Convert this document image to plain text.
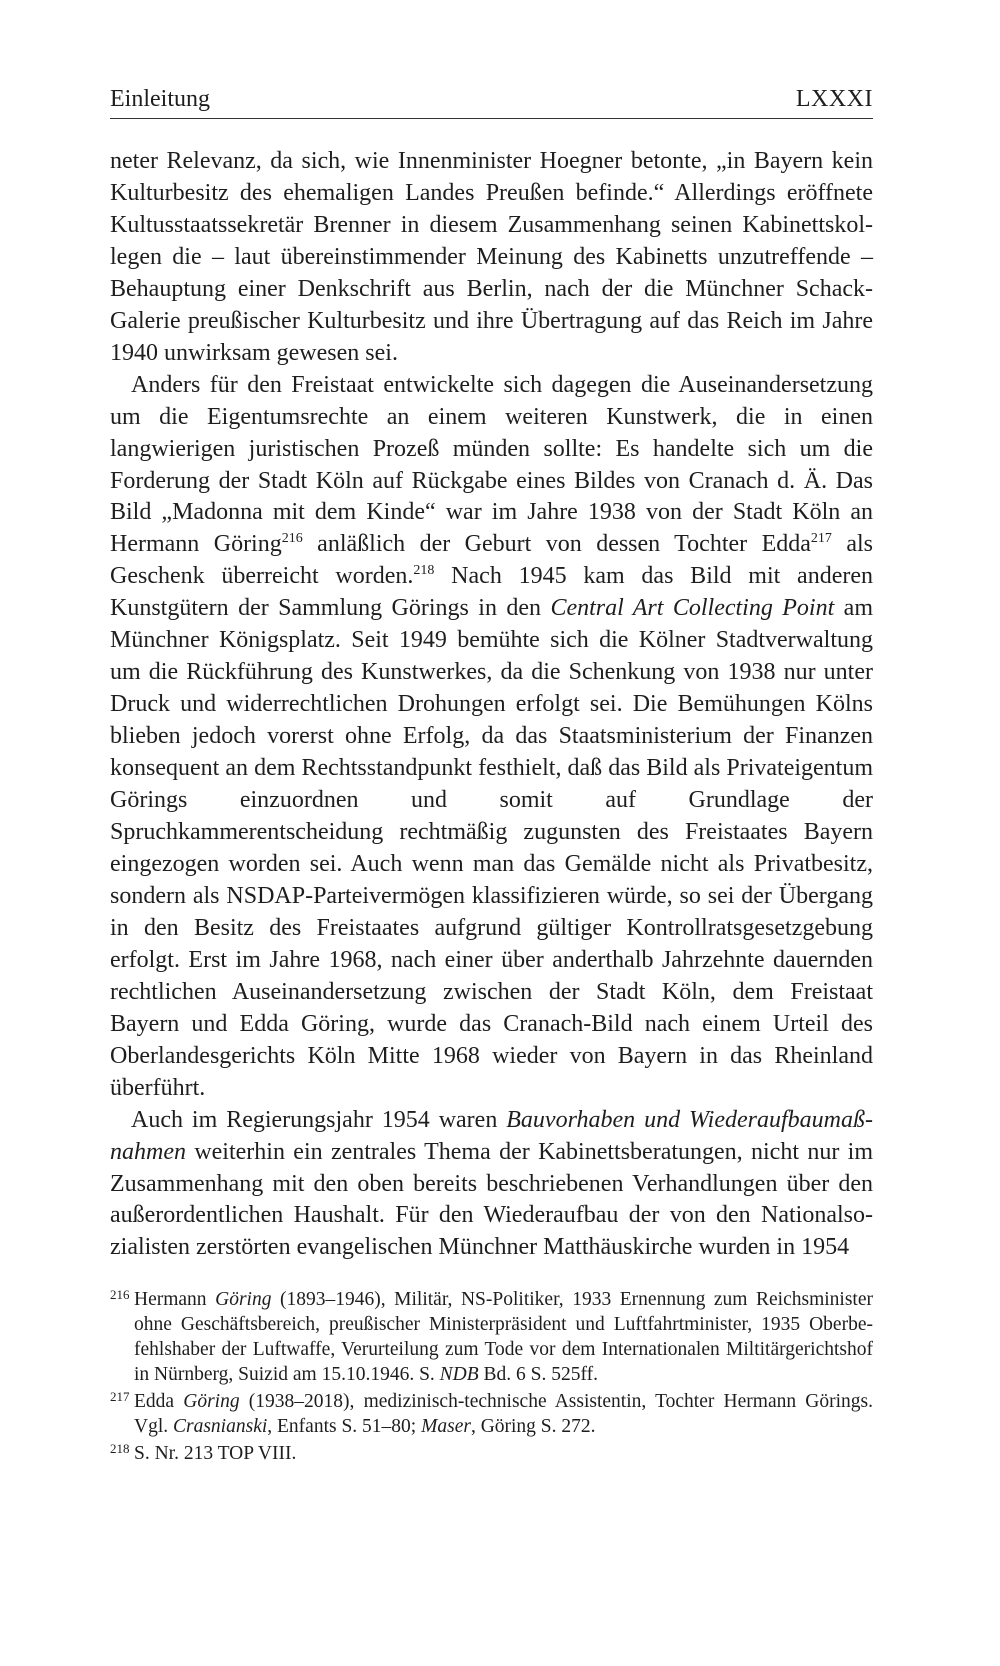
Einleitung	LXXXI

neter Relevanz, da sich, wie Innenminister Hoegner betonte, „in Bayern kein Kulturbesitz des ehemaligen Landes Preußen befinde.“ Allerdings eröffnete Kultusstaatssekretär Brenner in diesem Zusammenhang seinen Kabinettskollegen die – laut übereinstimmender Meinung des Kabinetts unzutreffende – Behauptung einer Denkschrift aus Berlin, nach der die Münchner Schack-Galerie preußischer Kulturbesitz und ihre Übertragung auf das Reich im Jahre 1940 unwirksam gewesen sei.

Anders für den Freistaat entwickelte sich dagegen die Auseinandersetzung um die Eigentumsrechte an einem weiteren Kunstwerk, die in einen langwierigen juristischen Prozeß münden sollte: Es handelte sich um die Forderung der Stadt Köln auf Rückgabe eines Bildes von Cranach d. Ä. Das Bild „Madonna mit dem Kinde“ war im Jahre 1938 von der Stadt Köln an Hermann Göring$^{216}$ anläßlich der Geburt von dessen Tochter Edda$^{217}$ als Geschenk überreicht worden.$^{218}$ Nach 1945 kam das Bild mit anderen Kunstgütern der Sammlung Görings in den Central Art Collecting Point am Münchner Königsplatz. Seit 1949 bemühte sich die Kölner Stadtverwaltung um die Rückführung des Kunstwerkes, da die Schenkung von 1938 nur unter Druck und widerrechtlichen Drohungen erfolgt sei. Die Bemühungen Kölns blieben jedoch vorerst ohne Erfolg, da das Staatsministerium der Finanzen konsequent an dem Rechtsstandpunkt festhielt, daß das Bild als Privateigentum Görings einzuordnen und somit auf Grundlage der Spruchkammerentscheidung rechtmäßig zugunsten des Freistaates Bayern eingezogen worden sei. Auch wenn man das Gemälde nicht als Privatbesitz, sondern als NSDAP-Parteivermögen klassifizieren würde, so sei der Übergang in den Besitz des Freistaates aufgrund gültiger Kontrollratsgesetzgebung erfolgt. Erst im Jahre 1968, nach einer über anderthalb Jahrzehnte dauernden rechtlichen Auseinandersetzung zwischen der Stadt Köln, dem Freistaat Bayern und Edda Göring, wurde das Cranach-Bild nach einem Urteil des Oberlandesgerichts Köln Mitte 1968 wieder von Bayern in das Rheinland überführt.

Auch im Regierungsjahr 1954 waren Bauvorhaben und Wiederaufbaumaßnahmen weiterhin ein zentrales Thema der Kabinettsberatungen, nicht nur im Zusammenhang mit den oben bereits beschriebenen Verhandlungen über den außerordentlichen Haushalt. Für den Wiederaufbau der von den Nationalsozialisten zerstörten evangelischen Münchner Matthäuskirche wurden in 1954

216 Hermann Göring (1893–1946), Militär, NS-Politiker, 1933 Ernennung zum Reichsminister ohne Geschäftsbereich, preußischer Ministerpräsident und Luftfahrtminister, 1935 Oberbefehlshaber der Luftwaffe, Verurteilung zum Tode vor dem Internationalen Miltitärgerichtshof in Nürnberg, Suizid am 15.10.1946. S. NDB Bd. 6 S. 525ff.
217 Edda Göring (1938–2018), medizinisch-technische Assistentin, Tochter Hermann Görings. Vgl. Crasnianski, Enfants S. 51–80; Maser, Göring S. 272.
218 S. Nr. 213 TOP VIII.
